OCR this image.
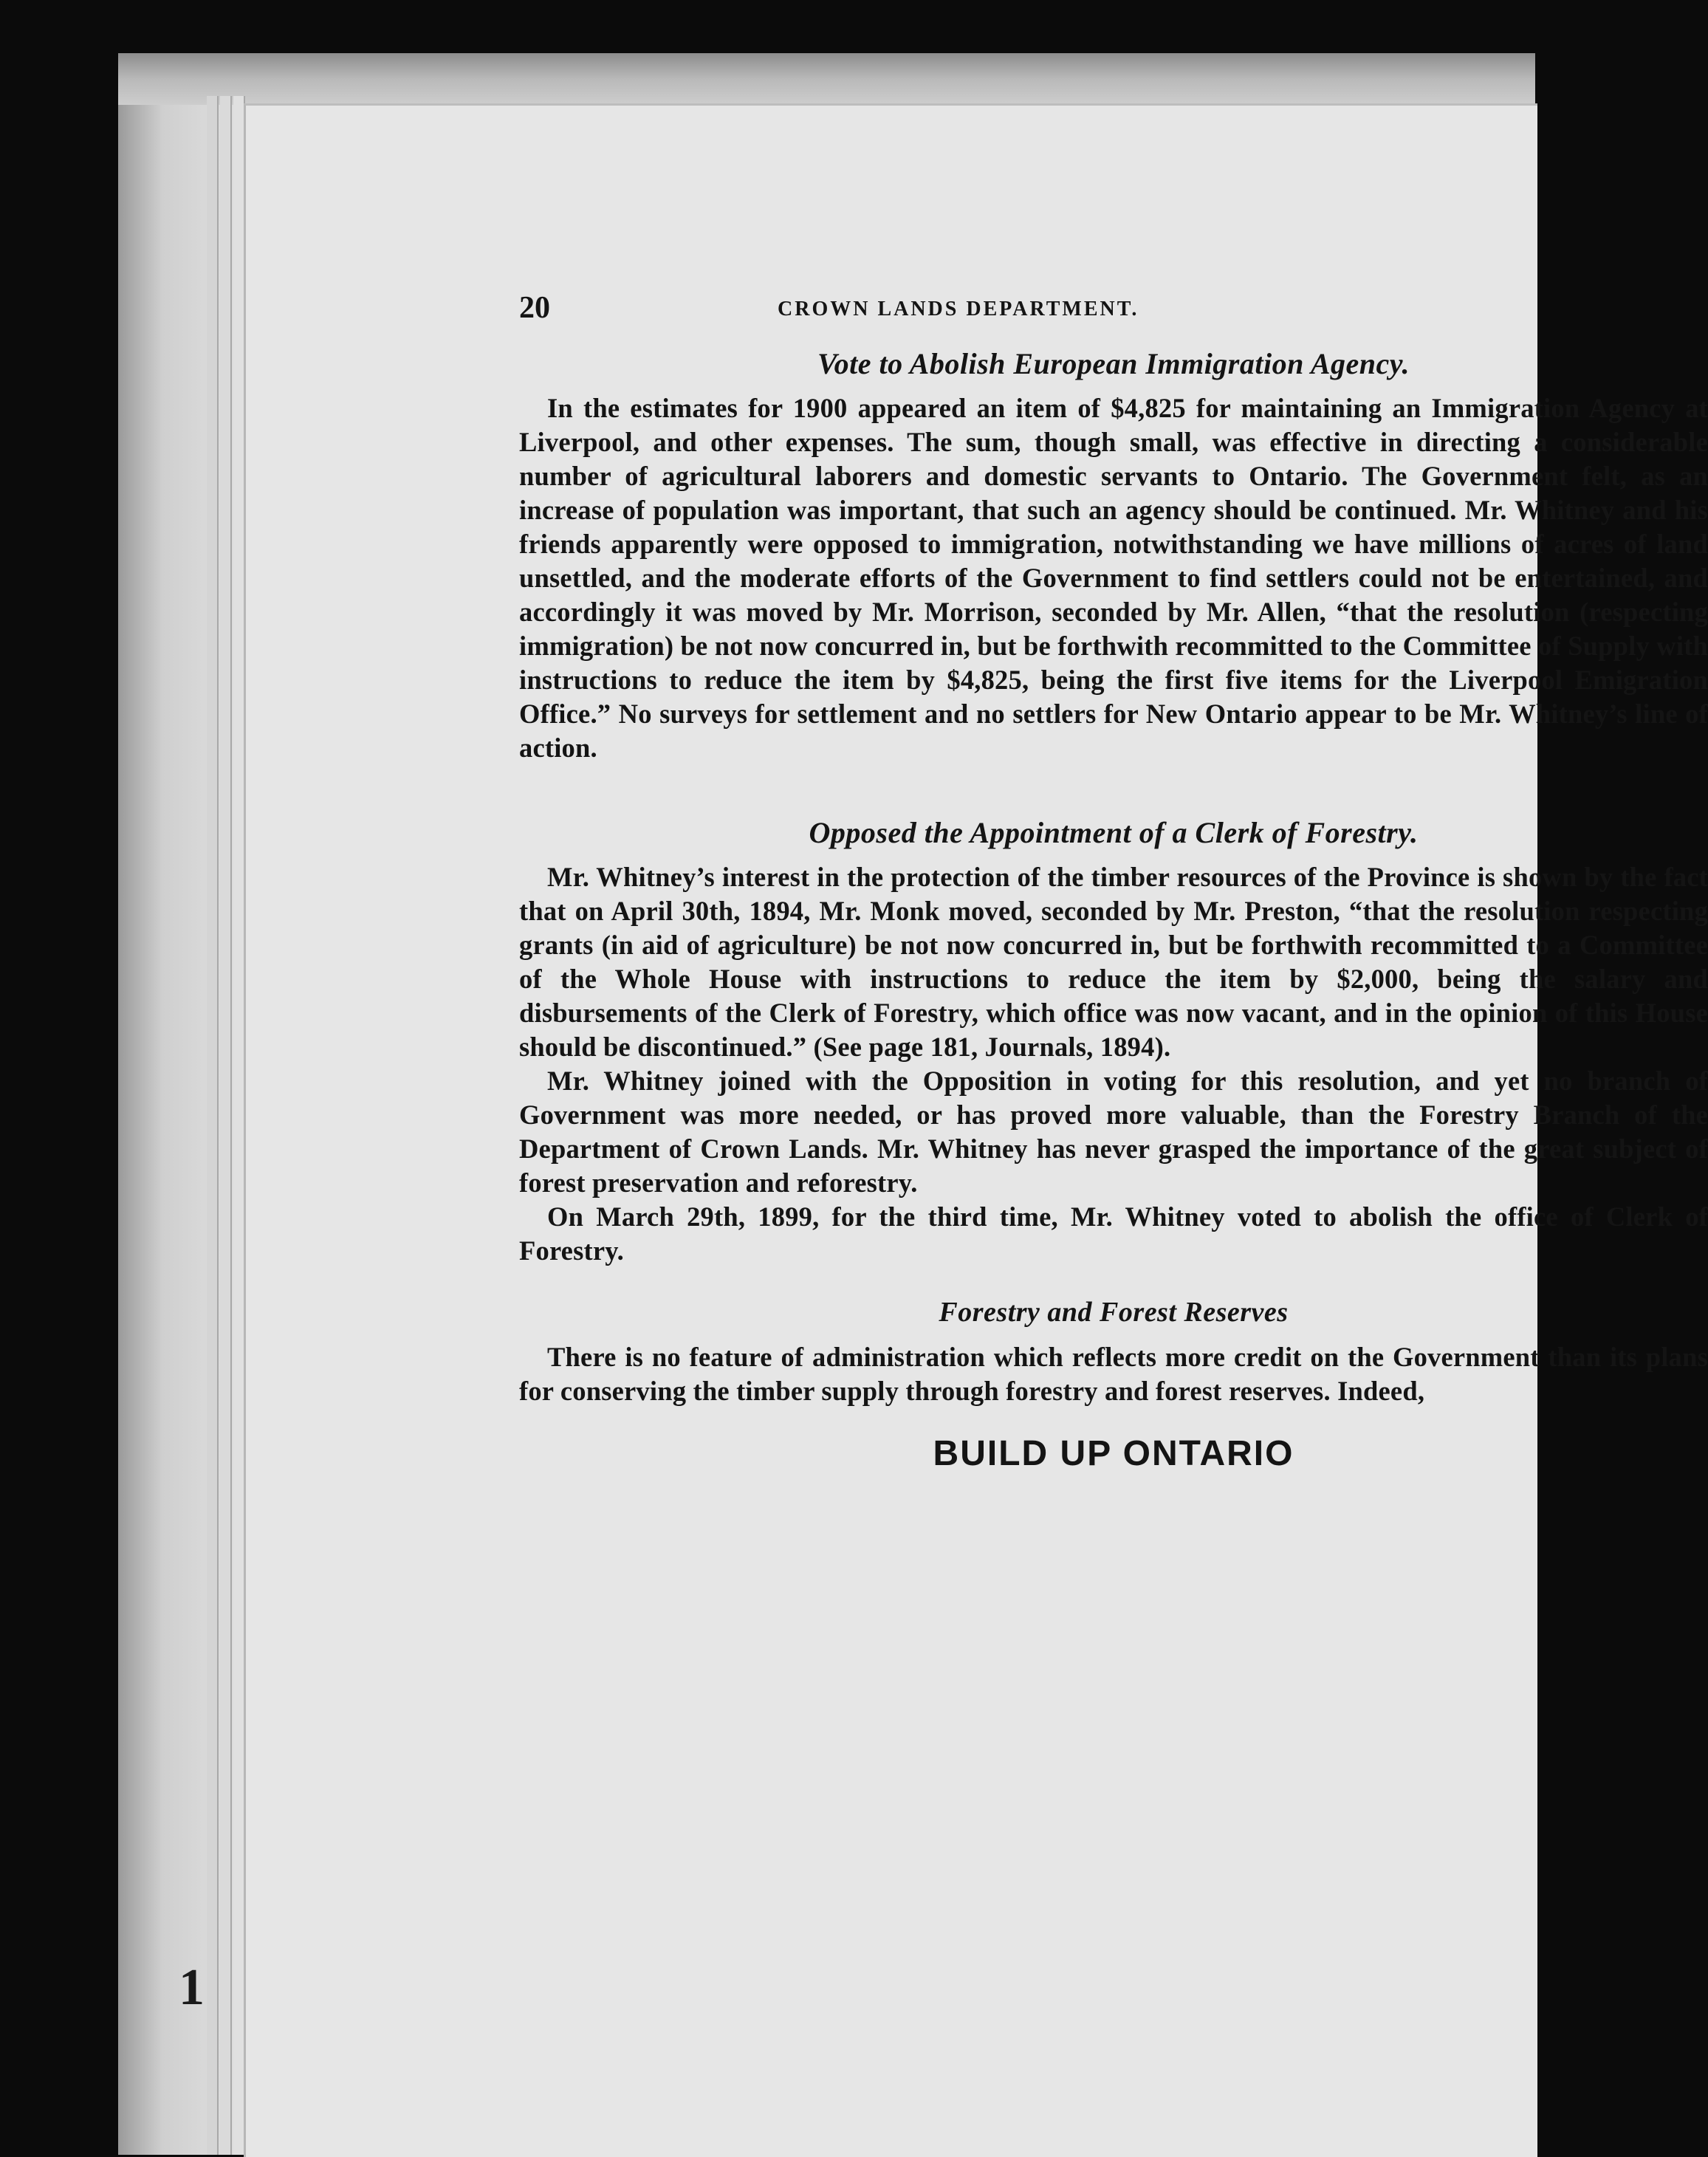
20	CROWN LANDS DEPARTMENT.
Vote to Abolish European Immigration Agency.

In the estimates for 1900 appeared an item of $4,825 for maintaining an Immigration Agency at Liverpool, and other expenses. The sum, though small, was effective in directing a considerable number of agricultural laborers and domestic servants to Ontario. The Government felt, as an increase of population was important, that such an agency should be continued. Mr. Whitney and his friends apparently were opposed to immigration, notwithstanding we have millions of acres of land unsettled, and the moderate efforts of the Government to find settlers could not be entertained, and accordingly it was moved by Mr. Morrison, seconded by Mr. Allen, “that the resolution (respecting immigration) be not now concurred in, but be forthwith recommitted to the Committee of Supply with instructions to reduce the item by $4,825, being the first five items for the Liverpool Emigration Office.” No surveys for settlement and no settlers for New Ontario appear to be Mr. Whitney’s line of action.

Opposed the Appointment of a Clerk of Forestry.

Mr. Whitney’s interest in the protection of the timber resources of the Province is shown by the fact that on April 30th, 1894, Mr. Monk moved, seconded by Mr. Preston, “that the resolution respecting grants (in aid of agriculture) be not now concurred in, but be forthwith recommitted to a Committee of the Whole House with instructions to reduce the item by $2,000, being the salary and disbursements of the Clerk of Forestry, which office was now vacant, and in the opinion of this House should be discontinued.” (See page 181, Journals, 1894).

Mr. Whitney joined with the Opposition in voting for this resolution, and yet no branch of Government was more needed, or has proved more valuable, than the Forestry Branch of the Department of Crown Lands. Mr. Whitney has never grasped the importance of the great subject of forest preservation and reforestry.

On March 29th, 1899, for the third time, Mr. Whitney voted to abolish the office of Clerk of Forestry.

Forestry and Forest Reserves

There is no feature of administration which reflects more credit on the Government than its plans for conserving the timber supply through forestry and forest reserves. Indeed,

BUILD UP ONTARIO
1
